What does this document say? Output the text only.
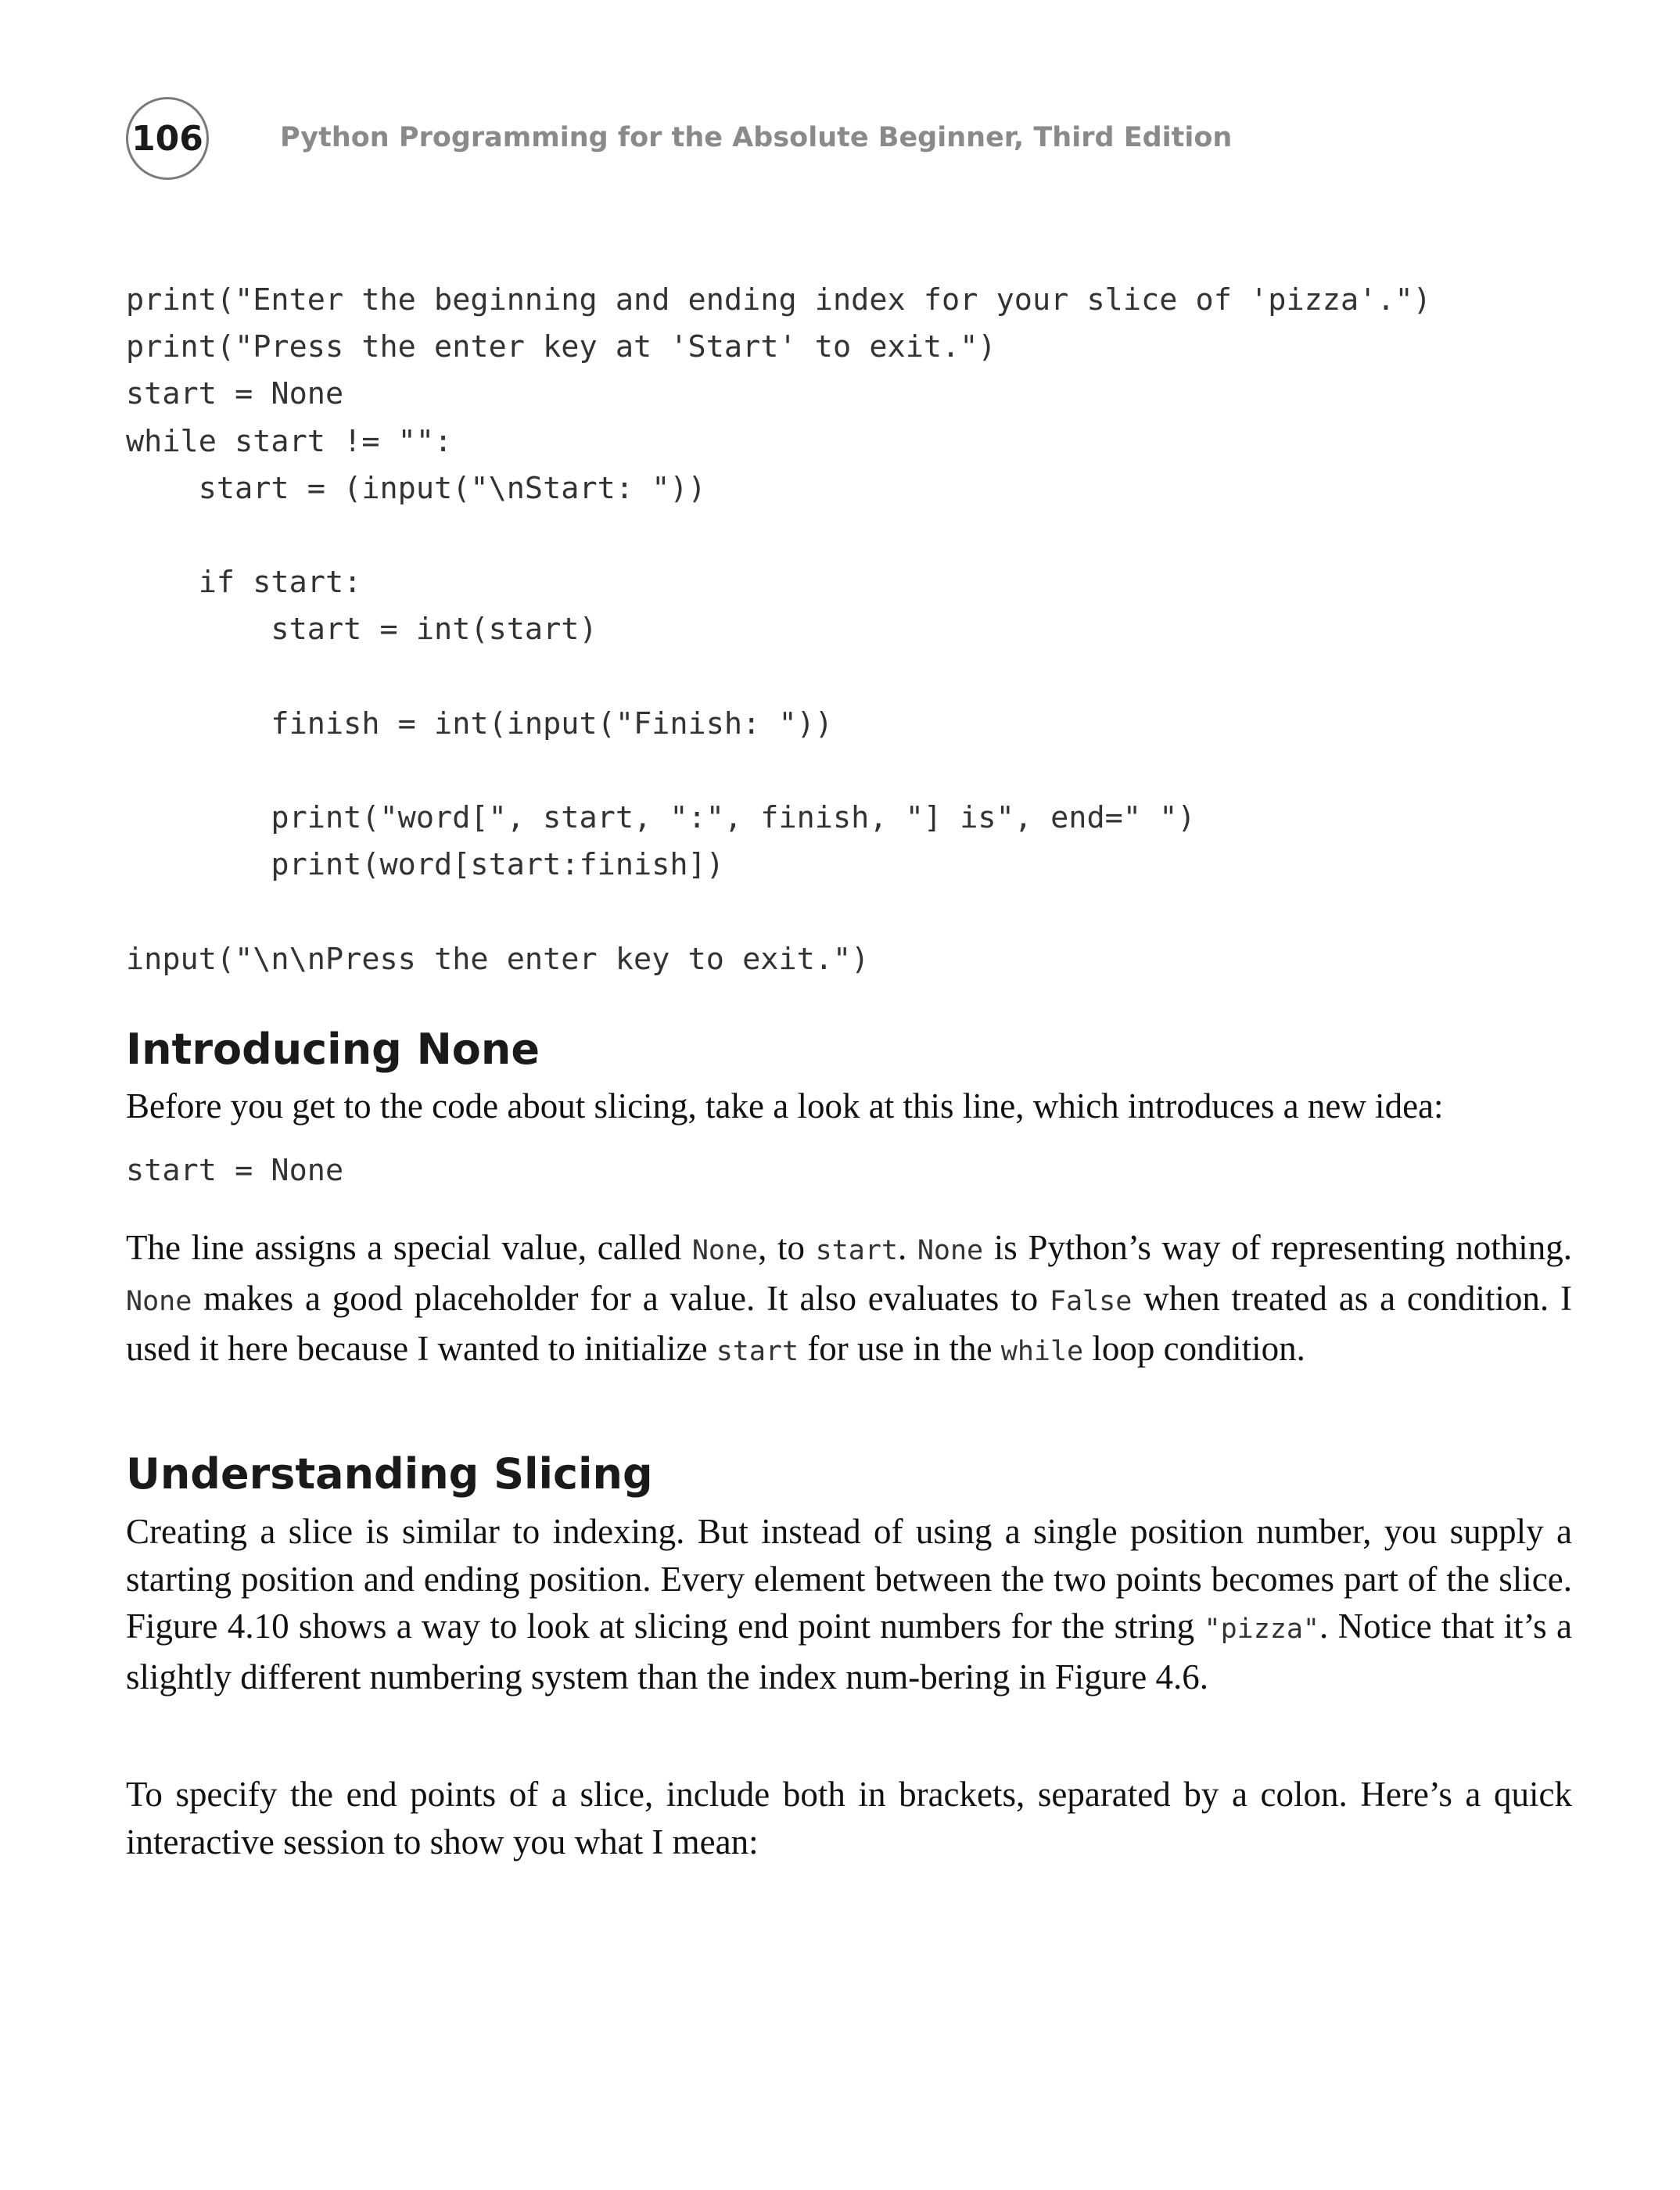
106	Python Programming for the Absolute Beginner, Third Edition
print("Enter the beginning and ending index for your slice of 'pizza'.")
print("Press the enter key at 'Start' to exit.")
start = None
while start != "":
start = (input("\nStart: "))

if start:
start = int(start)

finish = int(input("Finish: "))

print("word[", start, ":", finish, "] is", end=" ")
print(word[start:finish])

input("\n\nPress the enter key to exit.")
Introducing None

Before you get to the code about slicing, take a look at this line, which introduces a new idea:

start = None

The line assigns a special value, called None, to start. None is Python’s way of representing nothing. None makes a good placeholder for a value. It also evaluates to False when treated as a condition. I used it here because I wanted to initialize start for use in the while loop condition.

Understanding Slicing

Creating a slice is similar to indexing. But instead of using a single position number, you supply a starting position and ending position. Every element between the two points becomes part of the slice. Figure 4.10 shows a way to look at slicing end point numbers for the string "pizza". Notice that it’s a slightly different numbering system than the index num-bering in Figure 4.6.

To specify the end points of a slice, include both in brackets, separated by a colon. Here’s a quick interactive session to show you what I mean:
